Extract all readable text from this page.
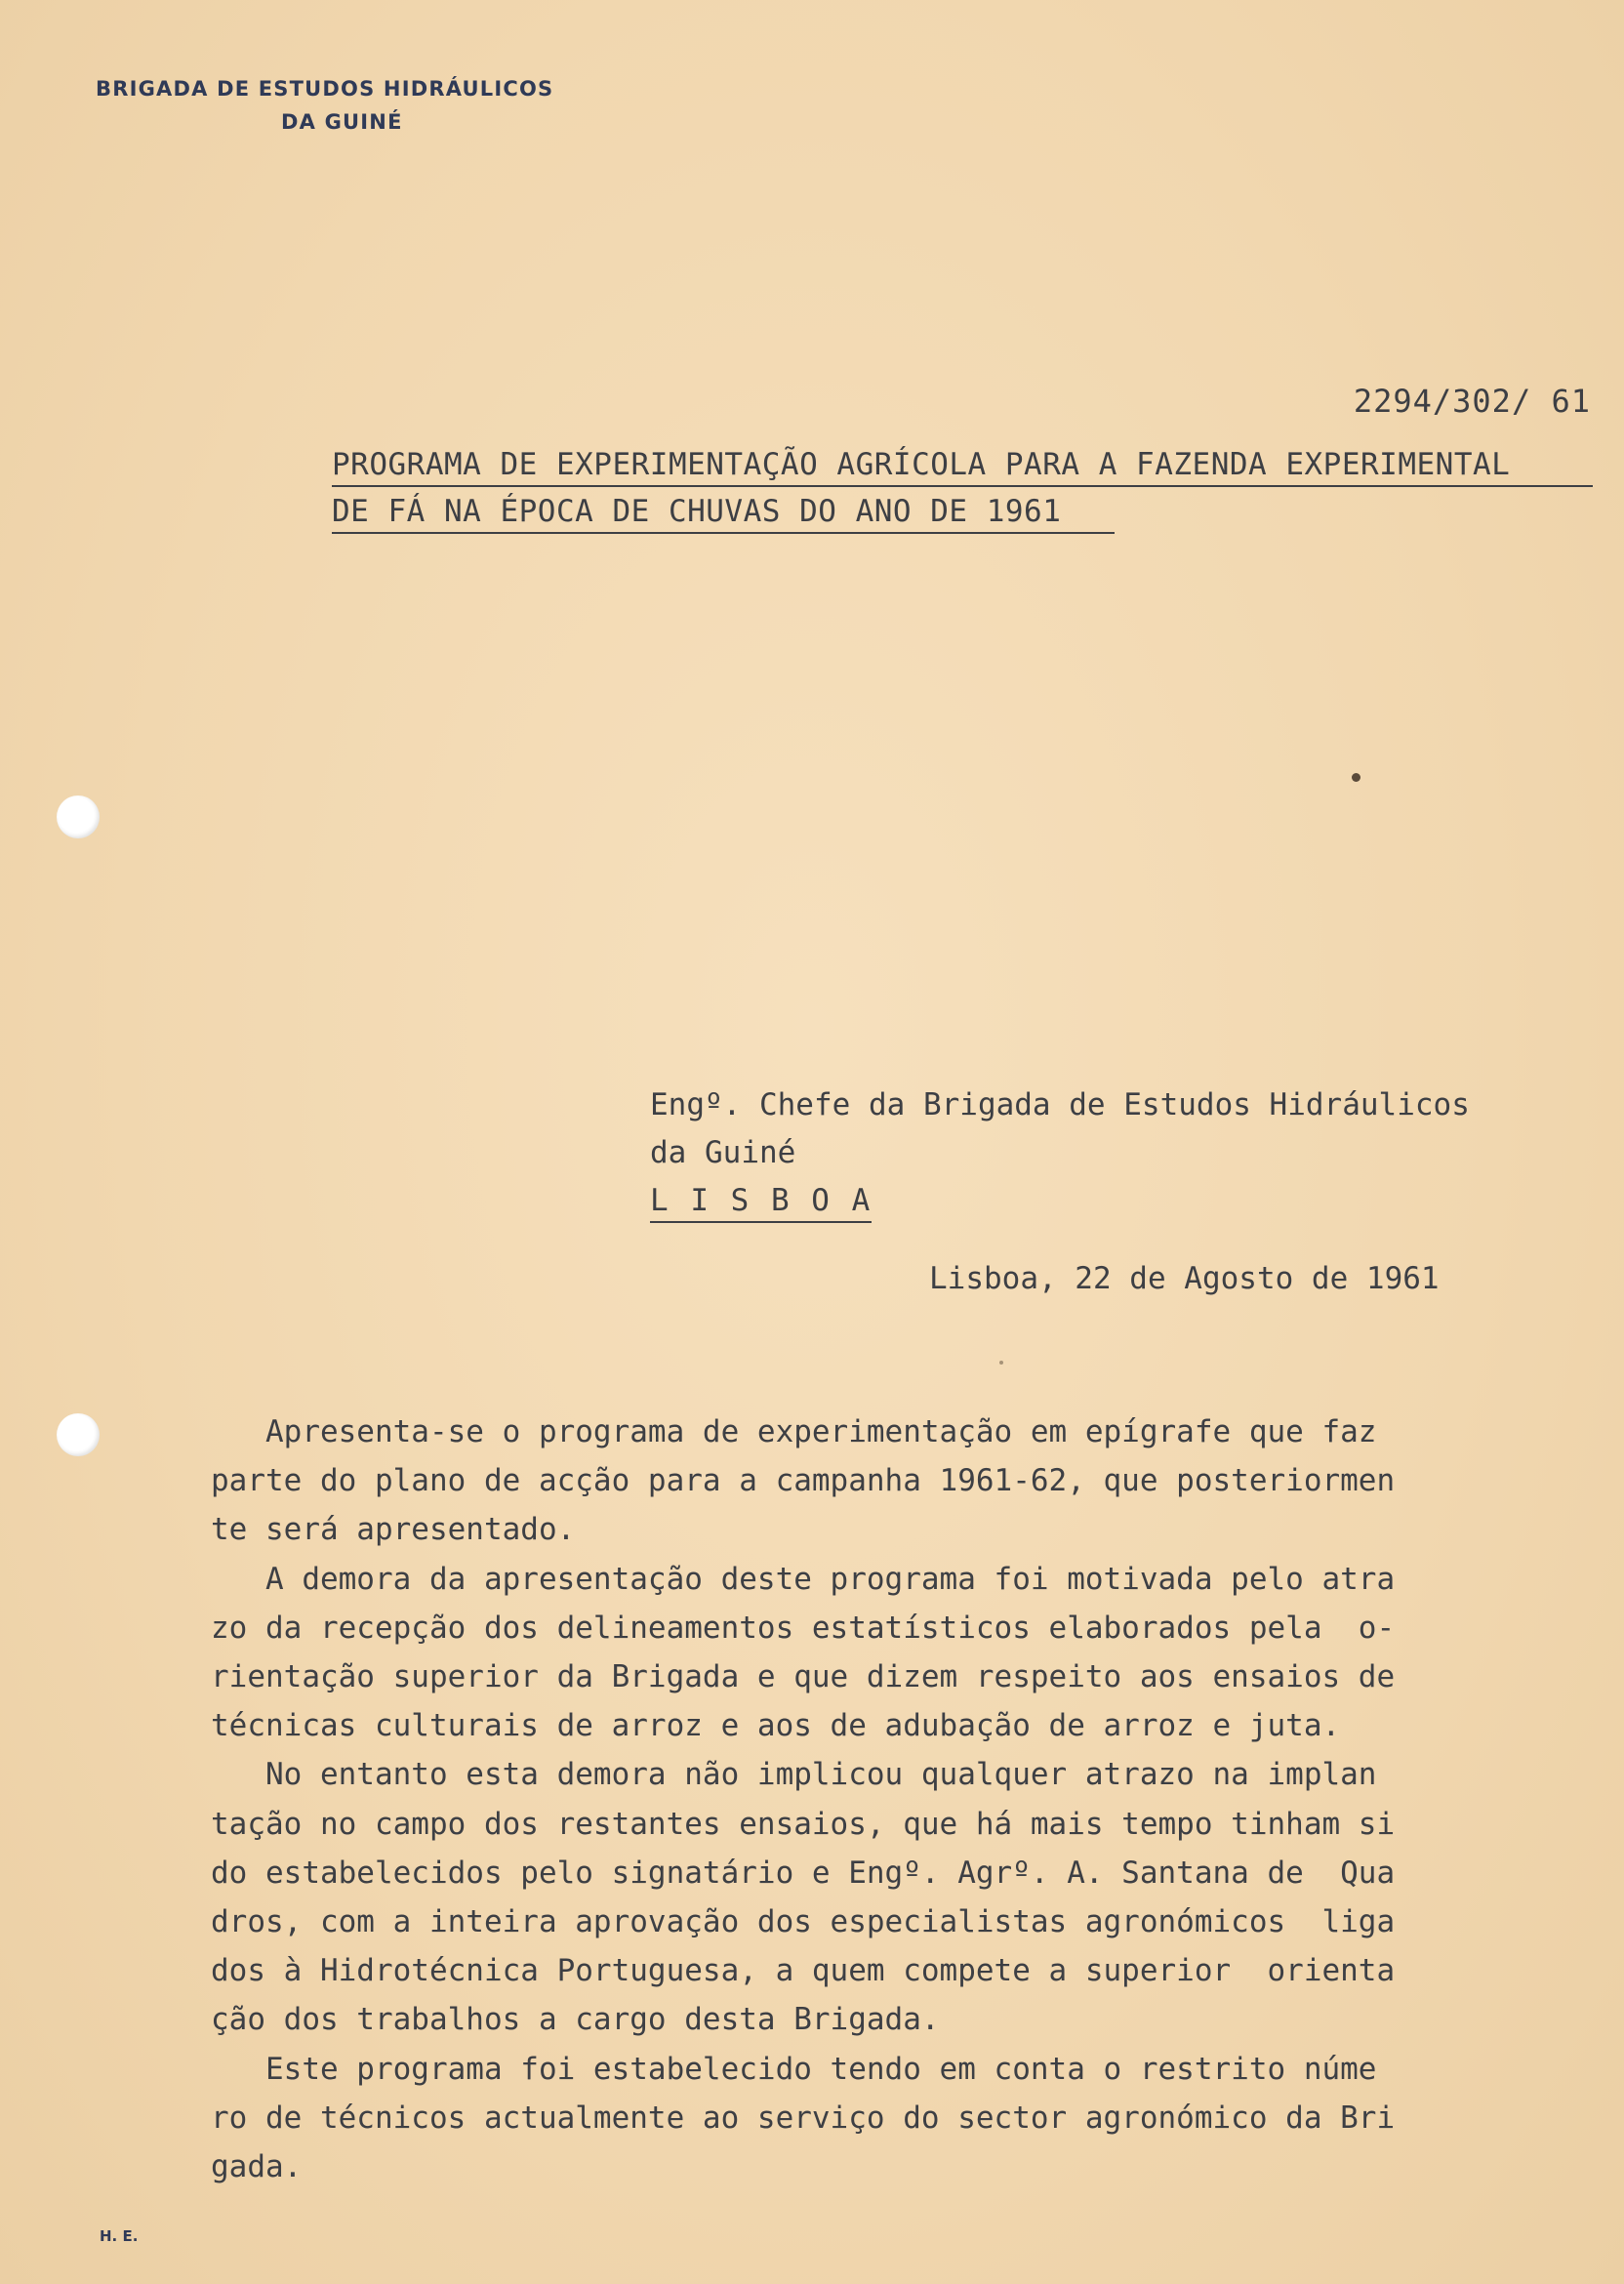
BRIGADA DE ESTUDOS HIDRÁULICOS
DA GUINÉ
2294/302/ 61
PROGRAMA DE EXPERIMENTAÇÃO AGRÍCOLA PARA A FAZENDA EXPERIMENTAL
DE FÁ NA ÉPOCA DE CHUVAS DO ANO DE 1961
Engº. Chefe da Brigada de Estudos Hidráulicos
da Guiné
L I S B O A
Lisboa, 22 de Agosto de 1961
Apresenta-se o programa de experimentação em epígrafe que faz
parte do plano de acção para a campanha 1961-62, que posteriormen
te será apresentado.
A demora da apresentação deste programa foi motivada pelo atra
zo da recepção dos delineamentos estatísticos elaborados pela  o-
rientação superior da Brigada e que dizem respeito aos ensaios de
técnicas culturais de arroz e aos de adubação de arroz e juta.
No entanto esta demora não implicou qualquer atrazo na implan
tação no campo dos restantes ensaios, que há mais tempo tinham si
do estabelecidos pelo signatário e Engº. Agrº. A. Santana de  Qua
dros, com a inteira aprovação dos especialistas agronómicos  liga
dos à Hidrotécnica Portuguesa, a quem compete a superior  orienta
ção dos trabalhos a cargo desta Brigada.
Este programa foi estabelecido tendo em conta o restrito núme
ro de técnicos actualmente ao serviço do sector agronómico da Bri
gada.
H. E.
